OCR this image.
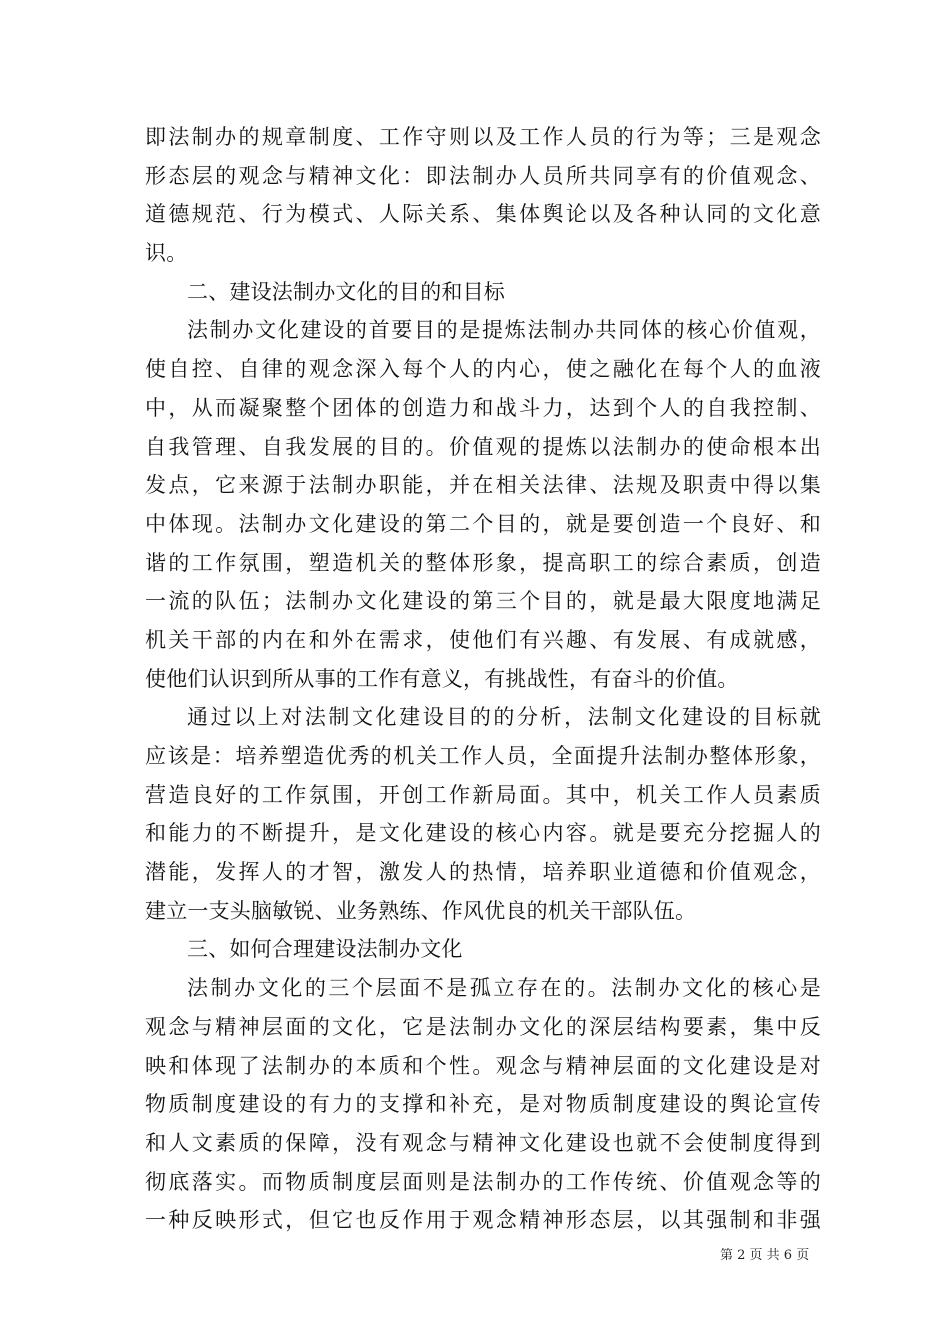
即法制办的规章制度、工作守则以及工作人员的行为等；三是观念
形态层的观念与精神文化：即法制办人员所共同享有的价值观念、
道德规范、行为模式、人际关系、集体舆论以及各种认同的文化意
识。
二、建设法制办文化的目的和目标
法制办文化建设的首要目的是提炼法制办共同体的核心价值观，
使自控、自律的观念深入每个人的内心，使之融化在每个人的血液
中，从而凝聚整个团体的创造力和战斗力，达到个人的自我控制、
自我管理、自我发展的目的。价值观的提炼以法制办的使命根本出
发点，它来源于法制办职能，并在相关法律、法规及职责中得以集
中体现。法制办文化建设的第二个目的，就是要创造一个良好、和
谐的工作氛围，塑造机关的整体形象，提高职工的综合素质，创造
一流的队伍；法制办文化建设的第三个目的，就是最大限度地满足
机关干部的内在和外在需求，使他们有兴趣、有发展、有成就感，
使他们认识到所从事的工作有意义，有挑战性，有奋斗的价值。
通过以上对法制文化建设目的的分析，法制文化建设的目标就
应该是：培养塑造优秀的机关工作人员，全面提升法制办整体形象，
营造良好的工作氛围，开创工作新局面。其中，机关工作人员素质
和能力的不断提升，是文化建设的核心内容。就是要充分挖掘人的
潜能，发挥人的才智，激发人的热情，培养职业道德和价值观念，
建立一支头脑敏锐、业务熟练、作风优良的机关干部队伍。
三、如何合理建设法制办文化
法制办文化的三个层面不是孤立存在的。法制办文化的核心是
观念与精神层面的文化，它是法制办文化的深层结构要素，集中反
映和体现了法制办的本质和个性。观念与精神层面的文化建设是对
物质制度建设的有力的支撑和补充，是对物质制度建设的舆论宣传
和人文素质的保障，没有观念与精神文化建设也就不会使制度得到
彻底落实。而物质制度层面则是法制办的工作传统、价值观念等的
一种反映形式，但它也反作用于观念精神形态层，以其强制和非强
第 2 页 共 6 页
